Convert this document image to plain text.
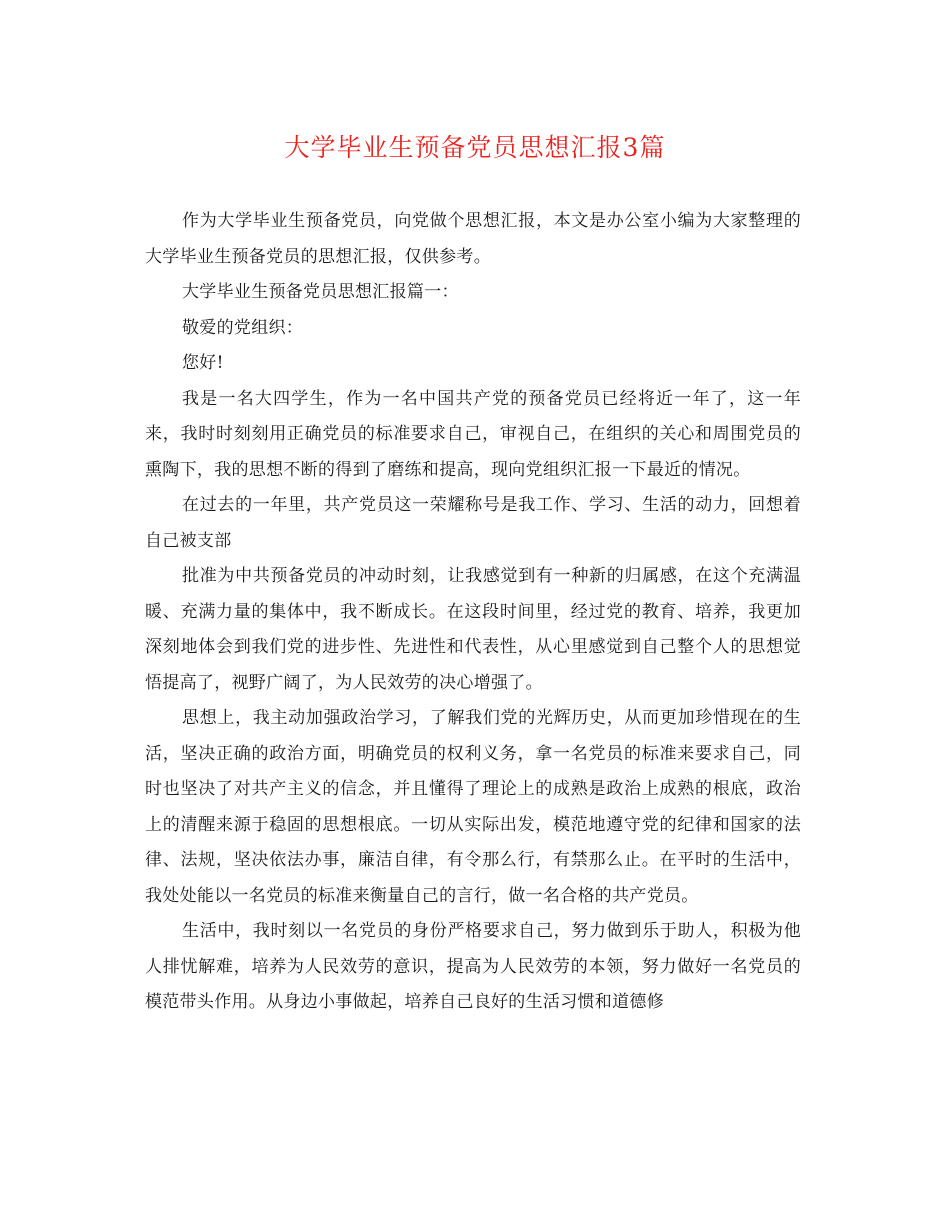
大学毕业生预备党员思想汇报3篇

作为大学毕业生预备党员，向党做个思想汇报，本文是办公室小编为大家整理的大学毕业生预备党员的思想汇报，仅供参考。

大学毕业生预备党员思想汇报篇一：

敬爱的党组织：

您好!

我是一名大四学生，作为一名中国共产党的预备党员已经将近一年了，这一年来，我时时刻刻用正确党员的标准要求自己，审视自己，在组织的关心和周围党员的熏陶下，我的思想不断的得到了磨练和提高，现向党组织汇报一下最近的情况。

在过去的一年里，共产党员这一荣耀称号是我工作、学习、生活的动力，回想着自己被支部

批准为中共预备党员的冲动时刻，让我感觉到有一种新的归属感，在这个充满温暖、充满力量的集体中，我不断成长。在这段时间里，经过党的教育、培养，我更加深刻地体会到我们党的进步性、先进性和代表性，从心里感觉到自己整个人的思想觉悟提高了，视野广阔了，为人民效劳的决心增强了。

思想上，我主动加强政治学习，了解我们党的光辉历史，从而更加珍惜现在的生活，坚决正确的政治方面，明确党员的权利义务，拿一名党员的标准来要求自己，同时也坚决了对共产主义的信念，并且懂得了理论上的成熟是政治上成熟的根底，政治上的清醒来源于稳固的思想根底。一切从实际出发，模范地遵守党的纪律和国家的法律、法规，坚决依法办事，廉洁自律，有令那么行，有禁那么止。在平时的生活中，我处处能以一名党员的标准来衡量自己的言行，做一名合格的共产党员。

生活中，我时刻以一名党员的身份严格要求自己，努力做到乐于助人，积极为他人排忧解难，培养为人民效劳的意识，提高为人民效劳的本领，努力做好一名党员的模范带头作用。从身边小事做起，培养自己良好的生活习惯和道德修
